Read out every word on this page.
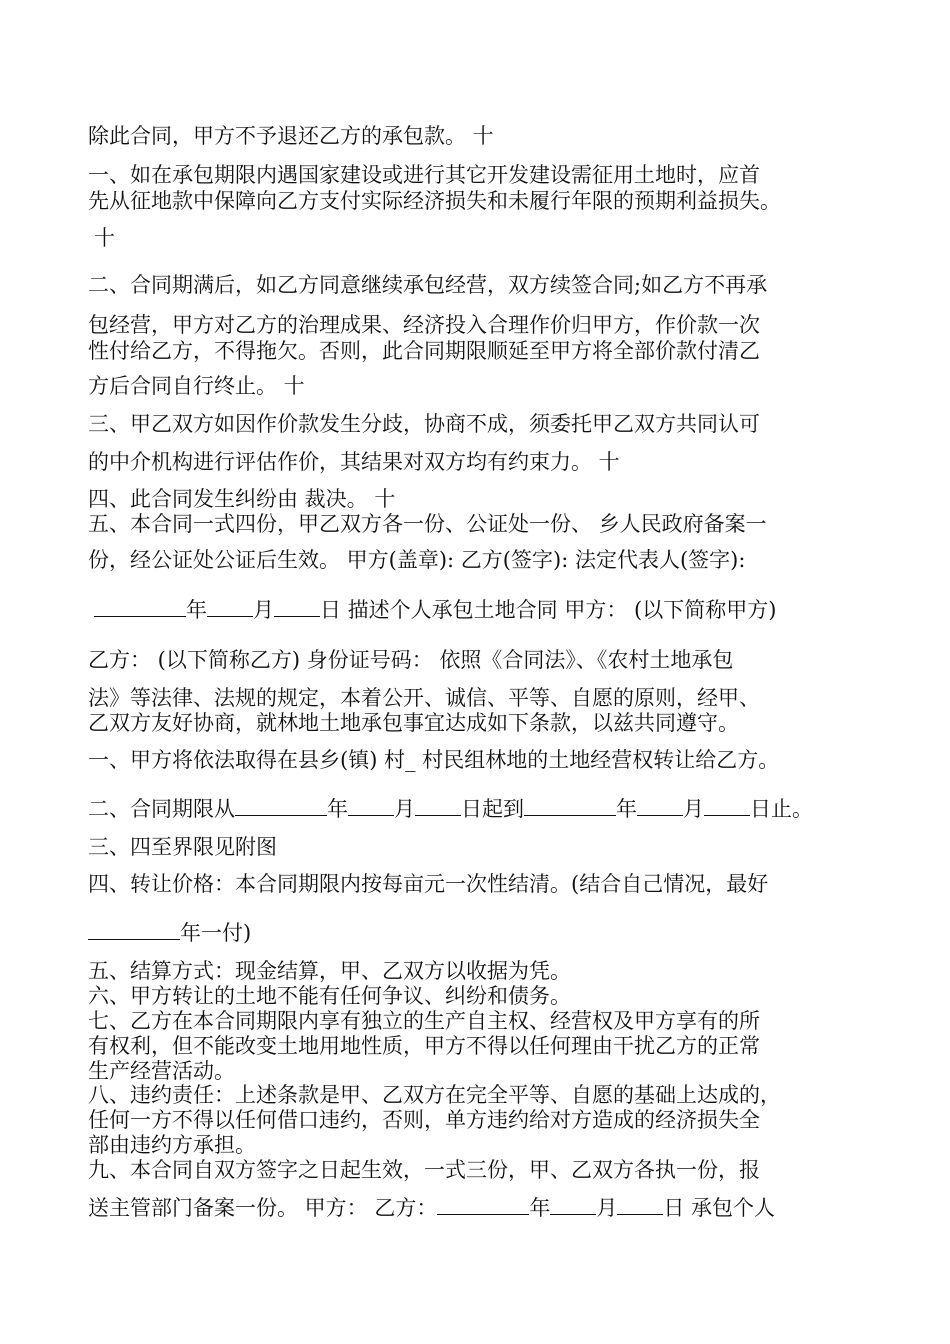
除此合同，甲方不予退还乙方的承包款。 十
一、如在承包期限内遇国家建设或进行其它开发建设需征用土地时，应首
先从征地款中保障向乙方支付实际经济损失和未履行年限的预期利益损失。
十
二、合同期满后，如乙方同意继续承包经营，双方续签合同;如乙方不再承
包经营，甲方对乙方的治理成果、经济投入合理作价归甲方，作价款一次
性付给乙方，不得拖欠。否则，此合同期限顺延至甲方将全部价款付清乙
方后合同自行终止。 十
三、甲乙双方如因作价款发生分歧，协商不成，须委托甲乙双方共同认可
的中介机构进行评估作价，其结果对双方均有约束力。 十
四、此合同发生纠纷由 裁决。 十
五、本合同一式四份，甲乙双方各一份、公证处一份、 乡人民政府备案一
份，经公证处公证后生效。 甲方(盖章): 乙方(签字): 法定代表人(签字):
年 月 日 描述个人承包土地合同 甲方： (以下简称甲方)
乙方： (以下简称乙方) 身份证号码： 依照《合同法》、《农村土地承包
法》等法律、法规的规定，本着公开、诚信、平等、自愿的原则，经甲、
乙双方友好协商，就林地土地承包事宜达成如下条款，以兹共同遵守。
一、甲方将依法取得在县乡(镇) 村_ 村民组林地的土地经营权转让给乙方。
二、合同期限从	年 月 日起到	年 月 日止。
三、四至界限见附图
四、转让价格：本合同期限内按每亩元一次性结清。(结合自己情况，最好
年一付)
五、结算方式：现金结算，甲、乙双方以收据为凭。
六、甲方转让的土地不能有任何争议、纠纷和债务。
七、乙方在本合同期限内享有独立的生产自主权、经营权及甲方享有的所
有权利，但不能改变土地用地性质，甲方不得以任何理由干扰乙方的正常
生产经营活动。
八、违约责任：上述条款是甲、乙双方在完全平等、自愿的基础上达成的，
任何一方不得以任何借口违约，否则，单方违约给对方造成的经济损失全
部由违约方承担。
九、本合同自双方签字之日起生效，一式三份，甲、乙双方各执一份，报
送主管部门备案一份。 甲方： 乙方：	年 月 日 承包个人
